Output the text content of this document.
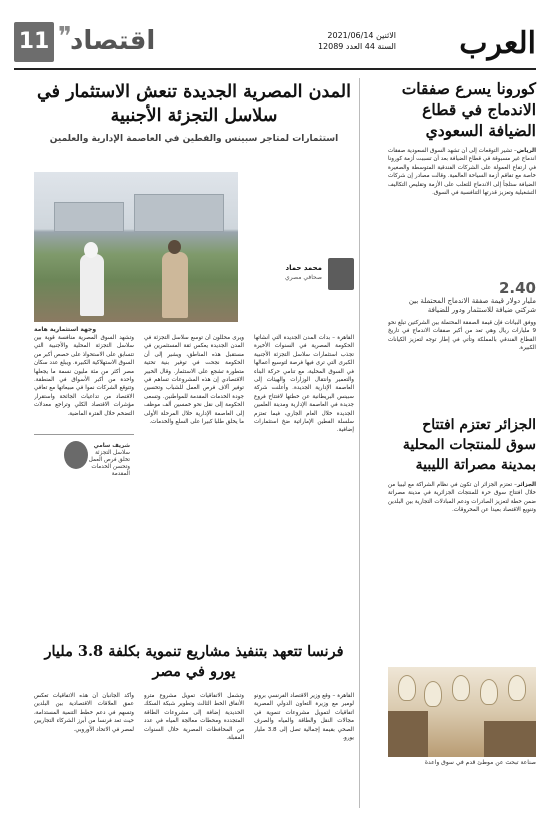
العرب
الاثنين 2021/06/14
السنة 44 العدد 12089
❞
اقتصاد
11
كورونا يسرع صفقات الاندماج في قطاع الضيافة السعودي
الرياض– تشير التوقعات إلى أن تشهد السوق السعودية صفقات اندماج غير مسبوقة في قطاع الضيافة بعد أن تسببت أزمة كورونا في ارتفاع العمولة على الشركات الفندقية المتوسطة والصغيرة خاصة مع تفاقم أزمة السياحة العالمية. وقالت مصادر إن شركات الضيافة ستلجأ إلى الاندماج للتغلب على الأزمة وتقليص التكاليف التشغيلية وتعزيز قدرتها التنافسية في السوق.
2.40
مليار دولار قيمة صفقة الاندماج المحتملة بين شركتي ضيافة للاستثمار ودور للضيافة
ووفق البيانات فإن قيمة الصفقة المحتملة بين الشركتين تبلغ نحو 9 مليارات ريال وهي تعد من أكبر صفقات الاندماج في تاريخ القطاع الفندقي بالمملكة وتأتي في إطار توجه لتعزيز الكيانات الكبيرة.
الجزائر تعتزم افتتاح سوق للمنتجات المحلية بمدينة مصراتة الليبية
الجزائر– تعتزم الجزائر أن تكون في نظام الشراكة مع ليبيا من خلال افتتاح سوق حرة للمنتجات الجزائرية في مدينة مصراتة ضمن خطة لتعزيز الصادرات ودعم المبادلات التجارية بين البلدين وتنويع الاقتصاد بعيدا عن المحروقات.
صناعة تبحث عن موطئ قدم في سوق واعدة
المدن المصرية الجديدة تنعش الاستثمار في سلاسل التجزئة الأجنبية
استثمارات لمتاجر سبينس والفطين في العاصمة الإدارية والعلمين
محمد حماد
صحافي مصري
وجهة استثمارية هامة
القاهرة – بدأت المدن الجديدة التي أنشأتها الحكومة المصرية في السنوات الأخيرة تجذب استثمارات سلاسل التجزئة الأجنبية الكبرى التي ترى فيها فرصة لتوسيع أعمالها في السوق المحلية، مع تنامي حركة البناء والتعمير وانتقال الوزارات والهيئات إلى العاصمة الإدارية الجديدة. وأعلنت شركة سبينس البريطانية عن خطتها لافتتاح فروع جديدة في العاصمة الإدارية ومدينة العلمين الجديدة خلال العام الجاري، فيما تعتزم سلسلة الفطين الإماراتية ضخ استثمارات إضافية.
ويرى محللون أن توسع سلاسل التجزئة في المدن الجديدة يعكس ثقة المستثمرين في مستقبل هذه المناطق، ويشير إلى أن الحكومة نجحت في توفير بنية تحتية متطورة تشجع على الاستثمار. وقال الخبير الاقتصادي إن هذه المشروعات تساهم في توفير آلاف فرص العمل للشباب وتحسين جودة الخدمات المقدمة للمواطنين. وتسعى الحكومة إلى نقل نحو خمسين ألف موظف إلى العاصمة الإدارية خلال المرحلة الأولى ما يخلق طلبا كبيرا على السلع والخدمات.
وتشهد السوق المصرية منافسة قوية بين سلاسل التجزئة المحلية والأجنبية التي تتسابق على الاستحواذ على حصص أكبر من السوق الاستهلاكية الكبيرة. ويبلغ عدد سكان مصر أكثر من مئة مليون نسمة ما يجعلها واحدة من أكبر الأسواق في المنطقة. وتتوقع الشركات نموا في مبيعاتها مع تعافي الاقتصاد من تداعيات الجائحة واستقرار مؤشرات الاقتصاد الكلي وتراجع معدلات التضخم خلال الفترة الماضية.
شريف سامي
سلاسل التجزئة تخلق فرص العمل وتحسن الخدمات المقدمة
فرنسا تتعهد بتنفيذ مشاريع تنموية بكلفة 3.8 مليار يورو في مصر
القاهرة – وقع وزير الاقتصاد الفرنسي برونو لومير مع وزيرة التعاون الدولي المصرية اتفاقيات لتمويل مشروعات تنموية في مجالات النقل والطاقة والمياه والصرف الصحي بقيمة إجمالية تصل إلى 3.8 مليار يورو.
وتشمل الاتفاقيات تمويل مشروع مترو الأنفاق الخط الثالث وتطوير شبكة السكك الحديدية إضافة إلى مشروعات الطاقة المتجددة ومحطات معالجة المياه في عدد من المحافظات المصرية خلال السنوات المقبلة.
وأكد الجانبان أن هذه الاتفاقيات تعكس عمق العلاقات الاقتصادية بين البلدين وتسهم في دعم خطط التنمية المستدامة، حيث تعد فرنسا من أبرز الشركاء التجاريين لمصر في الاتحاد الأوروبي.
